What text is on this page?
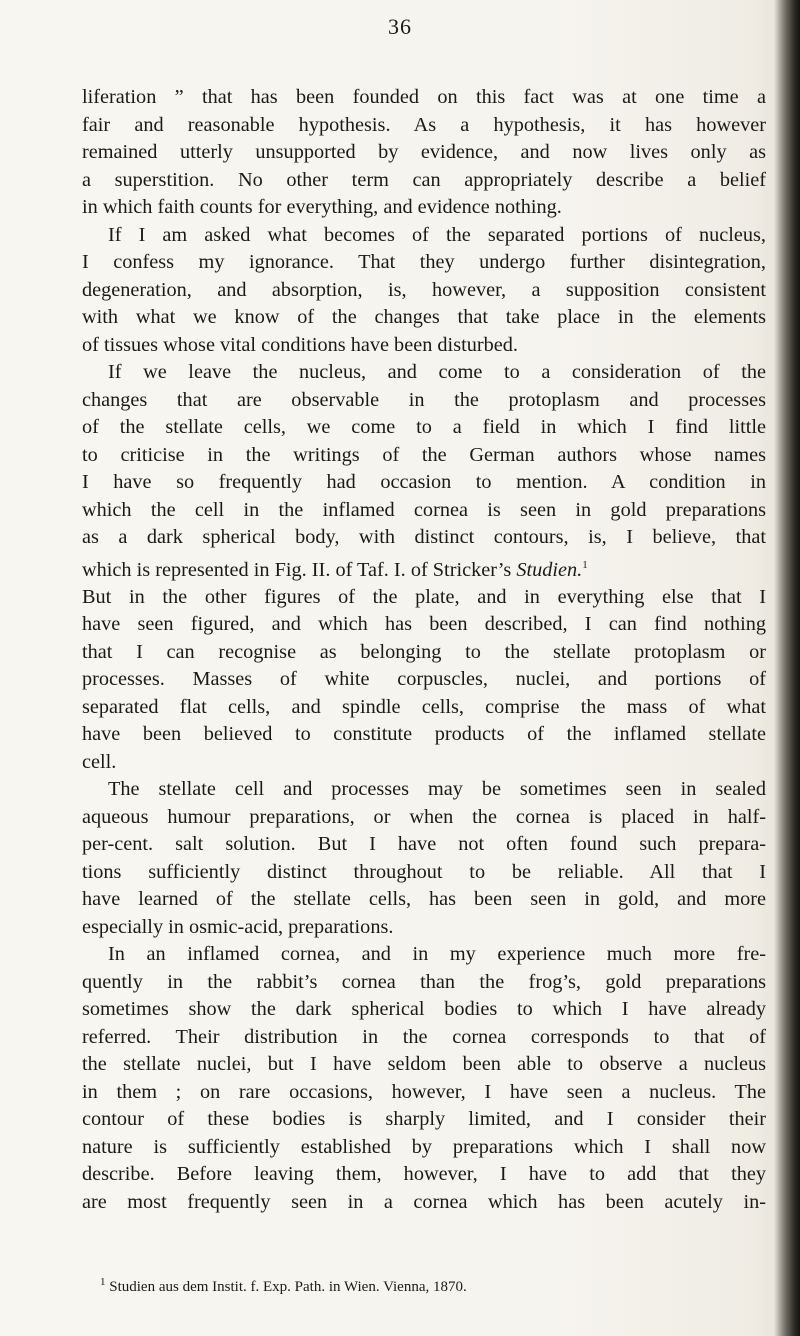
36
liferation ” that has been founded on this fact was at one time a
fair and reasonable hypothesis. As a hypothesis, it has however
remained utterly unsupported by evidence, and now lives only as
a superstition. No other term can appropriately describe a belief
in which faith counts for everything, and evidence nothing.
If I am asked what becomes of the separated portions of nucleus,
I confess my ignorance. That they undergo further disintegration,
degeneration, and absorption, is, however, a supposition consistent
with what we know of the changes that take place in the elements
of tissues whose vital conditions have been disturbed.
If we leave the nucleus, and come to a consideration of the
changes that are observable in the protoplasm and processes
of the stellate cells, we come to a field in which I find little
to criticise in the writings of the German authors whose names
I have so frequently had occasion to mention. A condition in
which the cell in the inflamed cornea is seen in gold preparations
as a dark spherical body, with distinct contours, is, I believe, that
which is represented in Fig. II. of Taf. I. of Stricker’s Studien.$^1$
But in the other figures of the plate, and in everything else that I
have seen figured, and which has been described, I can find nothing
that I can recognise as belonging to the stellate protoplasm or
processes. Masses of white corpuscles, nuclei, and portions of
separated flat cells, and spindle cells, comprise the mass of what
have been believed to constitute products of the inflamed stellate
cell.
The stellate cell and processes may be sometimes seen in sealed
aqueous humour preparations, or when the cornea is placed in half-
per-cent. salt solution. But I have not often found such prepara-
tions sufficiently distinct throughout to be reliable. All that I
have learned of the stellate cells, has been seen in gold, and more
especially in osmic-acid, preparations.
In an inflamed cornea, and in my experience much more fre-
quently in the rabbit’s cornea than the frog’s, gold preparations
sometimes show the dark spherical bodies to which I have already
referred. Their distribution in the cornea corresponds to that of
the stellate nuclei, but I have seldom been able to observe a nucleus
in them ; on rare occasions, however, I have seen a nucleus. The
contour of these bodies is sharply limited, and I consider their
nature is sufficiently established by preparations which I shall now
describe. Before leaving them, however, I have to add that they
are most frequently seen in a cornea which has been acutely in-
$^1$ Studien aus dem Instit. f. Exp. Path. in Wien. Vienna, 1870.
